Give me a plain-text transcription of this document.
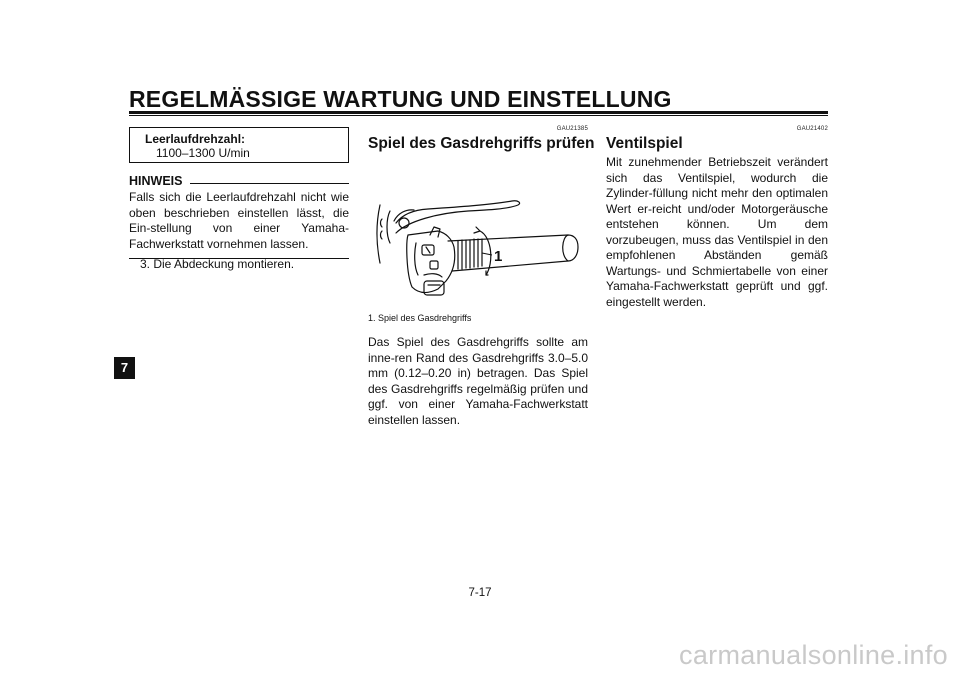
REGELMÄSSIGE WARTUNG UND EINSTELLUNG
7
Leerlaufdrehzahl:
1100–1300 U/min
HINWEIS
Falls sich die Leerlaufdrehzahl nicht wie oben beschrieben einstellen lässt, die Ein-stellung von einer Yamaha-Fachwerkstatt vornehmen lassen.
3. Die Abdeckung montieren.
GAU21385
Spiel des Gasdrehgriffs prüfen
1
1. Spiel des Gasdrehgriffs
Das Spiel des Gasdrehgriffs sollte am inne-ren Rand des Gasdrehgriffs 3.0–5.0 mm (0.12–0.20 in) betragen. Das Spiel des Gasdrehgriffs regelmäßig prüfen und ggf. von einer Yamaha-Fachwerkstatt einstellen lassen.
GAU21402
Ventilspiel
Mit zunehmender Betriebszeit verändert sich das Ventilspiel, wodurch die Zylinder-füllung nicht mehr den optimalen Wert er-reicht und/oder Motorgeräusche entstehen können. Um dem vorzubeugen, muss das Ventilspiel in den empfohlenen Abständen gemäß Wartungs- und Schmiertabelle von einer Yamaha-Fachwerkstatt geprüft und ggf. eingestellt werden.
7-17
carmanualsonline.info
